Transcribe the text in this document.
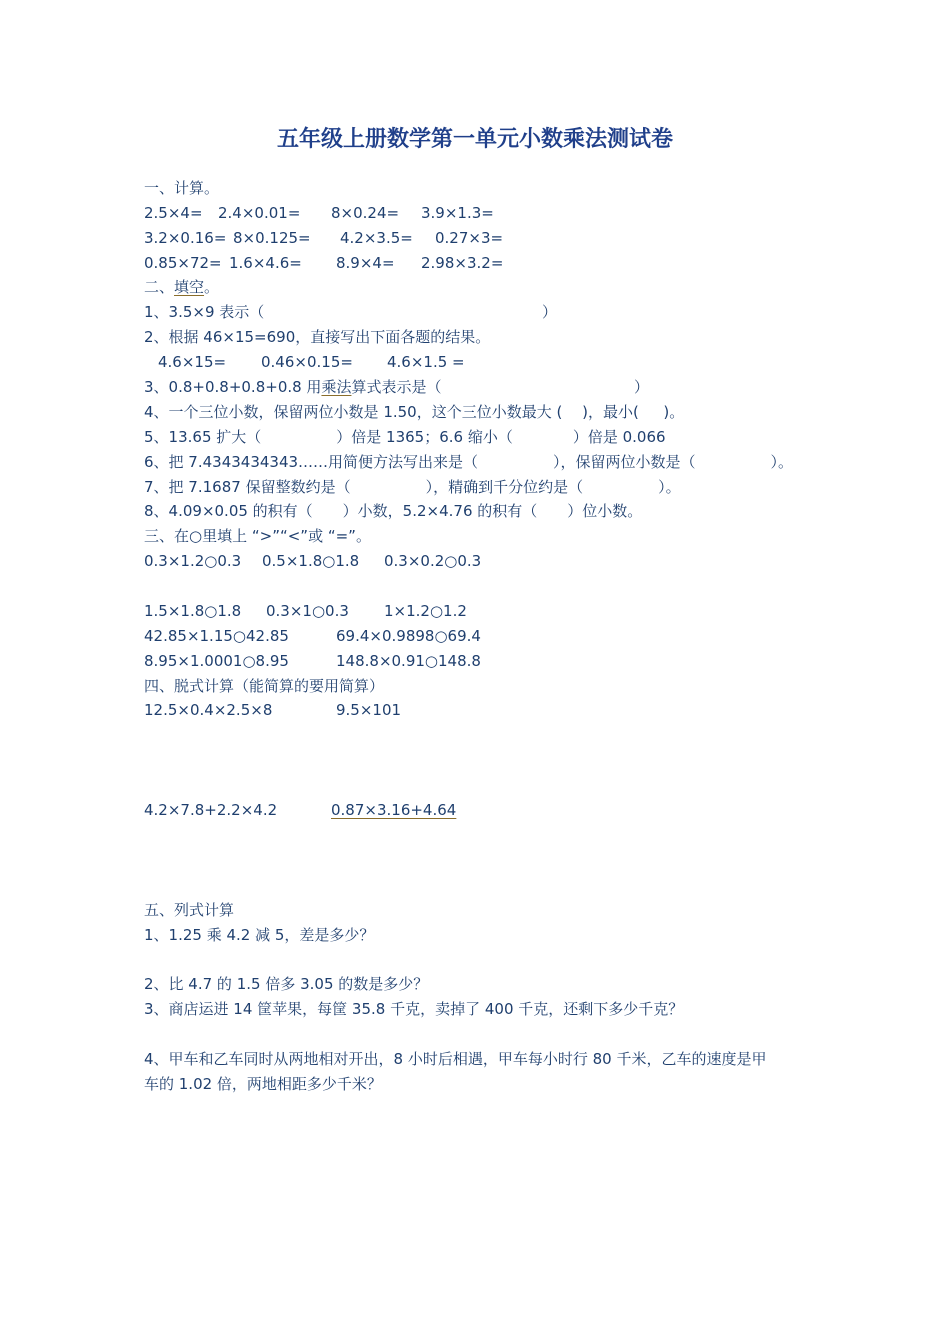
五年级上册数学第一单元小数乘法测试卷
一、计算。
2.5×4= 2.4×0.01= 8×0.24= 3.9×1.3=
3.2×0.16= 8×0.125= 4.2×3.5= 0.27×3=
0.85×72= 1.6×4.6= 8.9×4= 2.98×3.2=
二、填空。
1、3.5×9 表示（	）
2、根据 46×15=690，直接写出下面各题的结果。
4.6×15= 0.46×0.15= 4.6×1.5 =
3、0.8+0.8+0.8+0.8 用乘法算式表示是（	）
4、一个三位小数，保留两位小数是 1.50，这个三位小数最大 (　 )，最小(　  )。
5、13.65 扩大（　　　　　）倍是 1365；6.6 缩小（　　　　）倍是 0.066
6、把 7.4343434343……用简便方法写出来是（　　　　　），保留两位小数是（　　　　　）。
7、把 7.1687 保留整数约是（　　　　　），精确到千分位约是（　　　　　）。
8、4.09×0.05 的积有（　　）小数，5.2×4.76 的积有（　　）位小数。
三、在○里填上 “>”“<”或 “=”。
0.3×1.2○0.3 0.5×1.8○1.8 0.3×0.2○0.3
1.5×1.8○1.8 0.3×1○0.3 1×1.2○1.2
42.85×1.15○42.85	69.4×0.9898○69.4
8.95×1.0001○8.95	148.8×0.91○148.8
四、脱式计算（能简算的要用简算）
12.5×0.4×2.5×8	9.5×101
4.2×7.8+2.2×4.2	0.87×3.16+4.64
五、列式计算
1、1.25 乘 4.2 减 5，差是多少？
2、比 4.7 的 1.5 倍多 3.05 的数是多少？
3、商店运进 14 筐苹果，每筐 35.8 千克，卖掉了 400 千克，还剩下多少千克？
4、甲车和乙车同时从两地相对开出，8 小时后相遇，甲车每小时行 80 千米，乙车的速度是甲
车的 1.02 倍，两地相距多少千米？
